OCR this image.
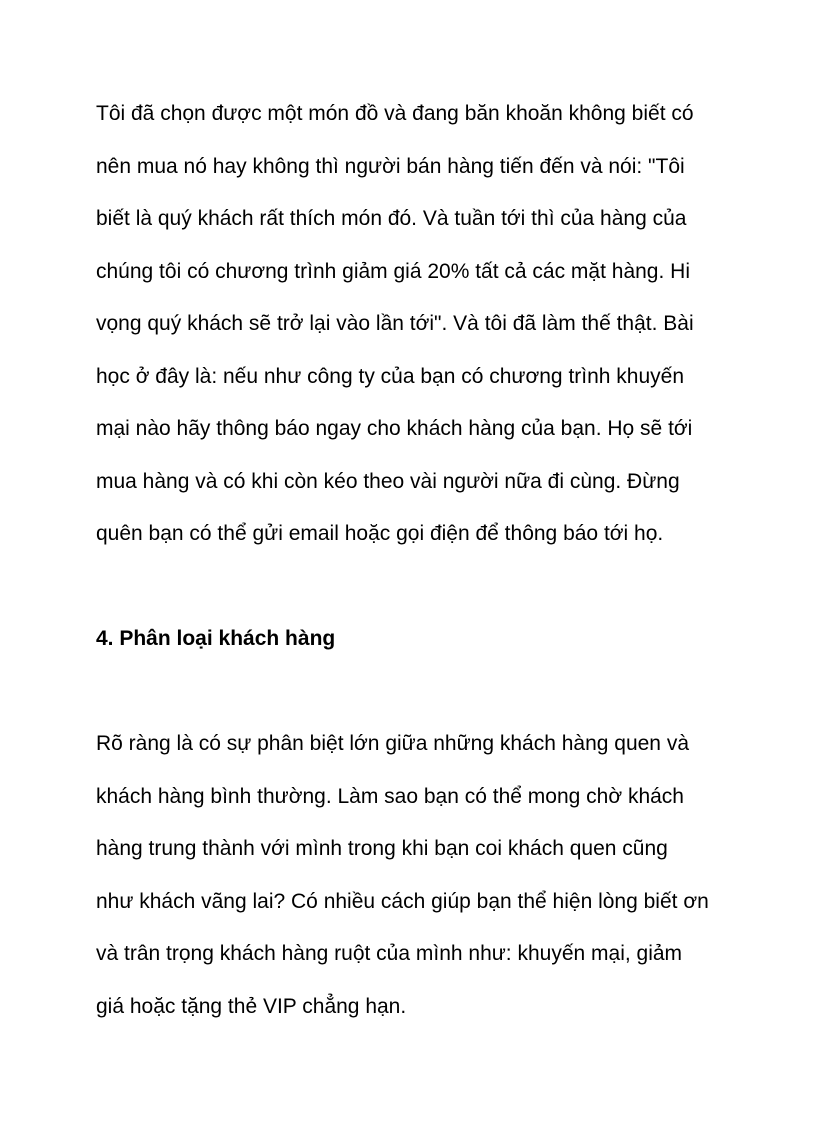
Tôi đã chọn được một món đồ và đang băn khoăn không biết có
nên mua nó hay không thì người bán hàng tiến đến và nói: "Tôi
biết là quý khách rất thích món đó. Và tuần tới thì của hàng của
chúng tôi có chương trình giảm giá 20% tất cả các mặt hàng. Hi
vọng quý khách sẽ trở lại vào lần tới". Và tôi đã làm thế thật. Bài
học ở đây là: nếu như công ty của bạn có chương trình khuyến
mại nào hãy thông báo ngay cho khách hàng của bạn. Họ sẽ tới
mua hàng và có khi còn kéo theo vài người nữa đi cùng. Đừng
quên bạn có thể gửi email hoặc gọi điện để thông báo tới họ.
4. Phân loại khách hàng
Rõ ràng là có sự phân biệt lớn giữa những khách hàng quen và
khách hàng bình thường. Làm sao bạn có thể mong chờ khách
hàng trung thành với mình trong khi bạn coi khách quen cũng
như khách vãng lai? Có nhiều cách giúp bạn thể hiện lòng biết ơn
và trân trọng khách hàng ruột của mình như: khuyến mại, giảm
giá hoặc tặng thẻ VIP chẳng hạn.
